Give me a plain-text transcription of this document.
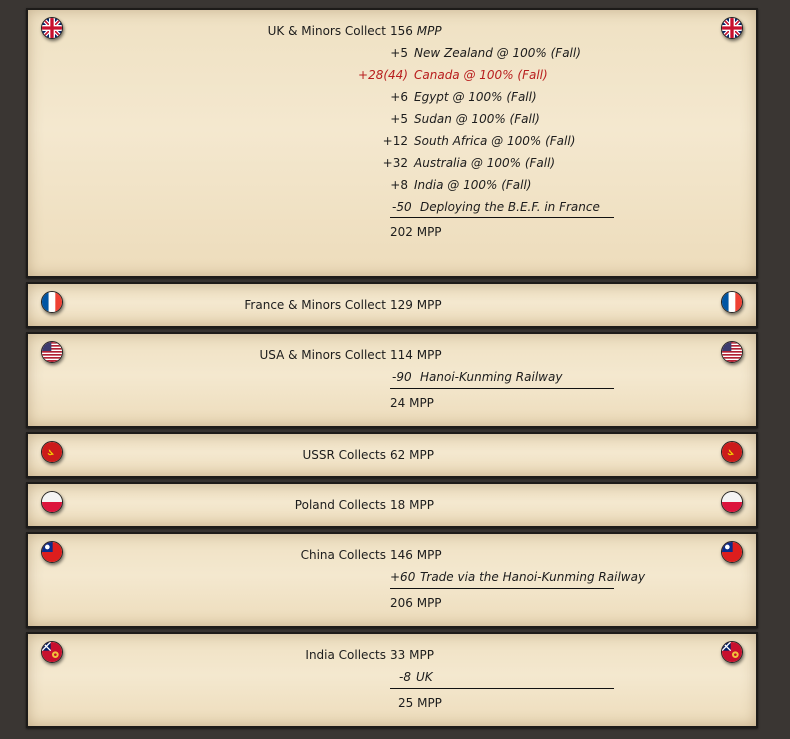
UK & Minors Collect 156 MPP
+5 New Zealand @ 100% (Fall)
+28(44) Canada @ 100% (Fall)
+6 Egypt @ 100% (Fall)
+5 Sudan @ 100% (Fall)
+12 South Africa @ 100% (Fall)
+32 Australia @ 100% (Fall)
+8 India @ 100% (Fall)
-50 Deploying the B.E.F. in France
202 MPP
France & Minors Collect 129 MPP
USA & Minors Collect 114 MPP
-90 Hanoi-Kunming Railway
24 MPP
USSR Collects 62 MPP
Poland Collects 18 MPP
China Collects 146 MPP
+60 Trade via the Hanoi-Kunming Railway
206 MPP
India Collects 33 MPP
-8 UK
25 MPP
